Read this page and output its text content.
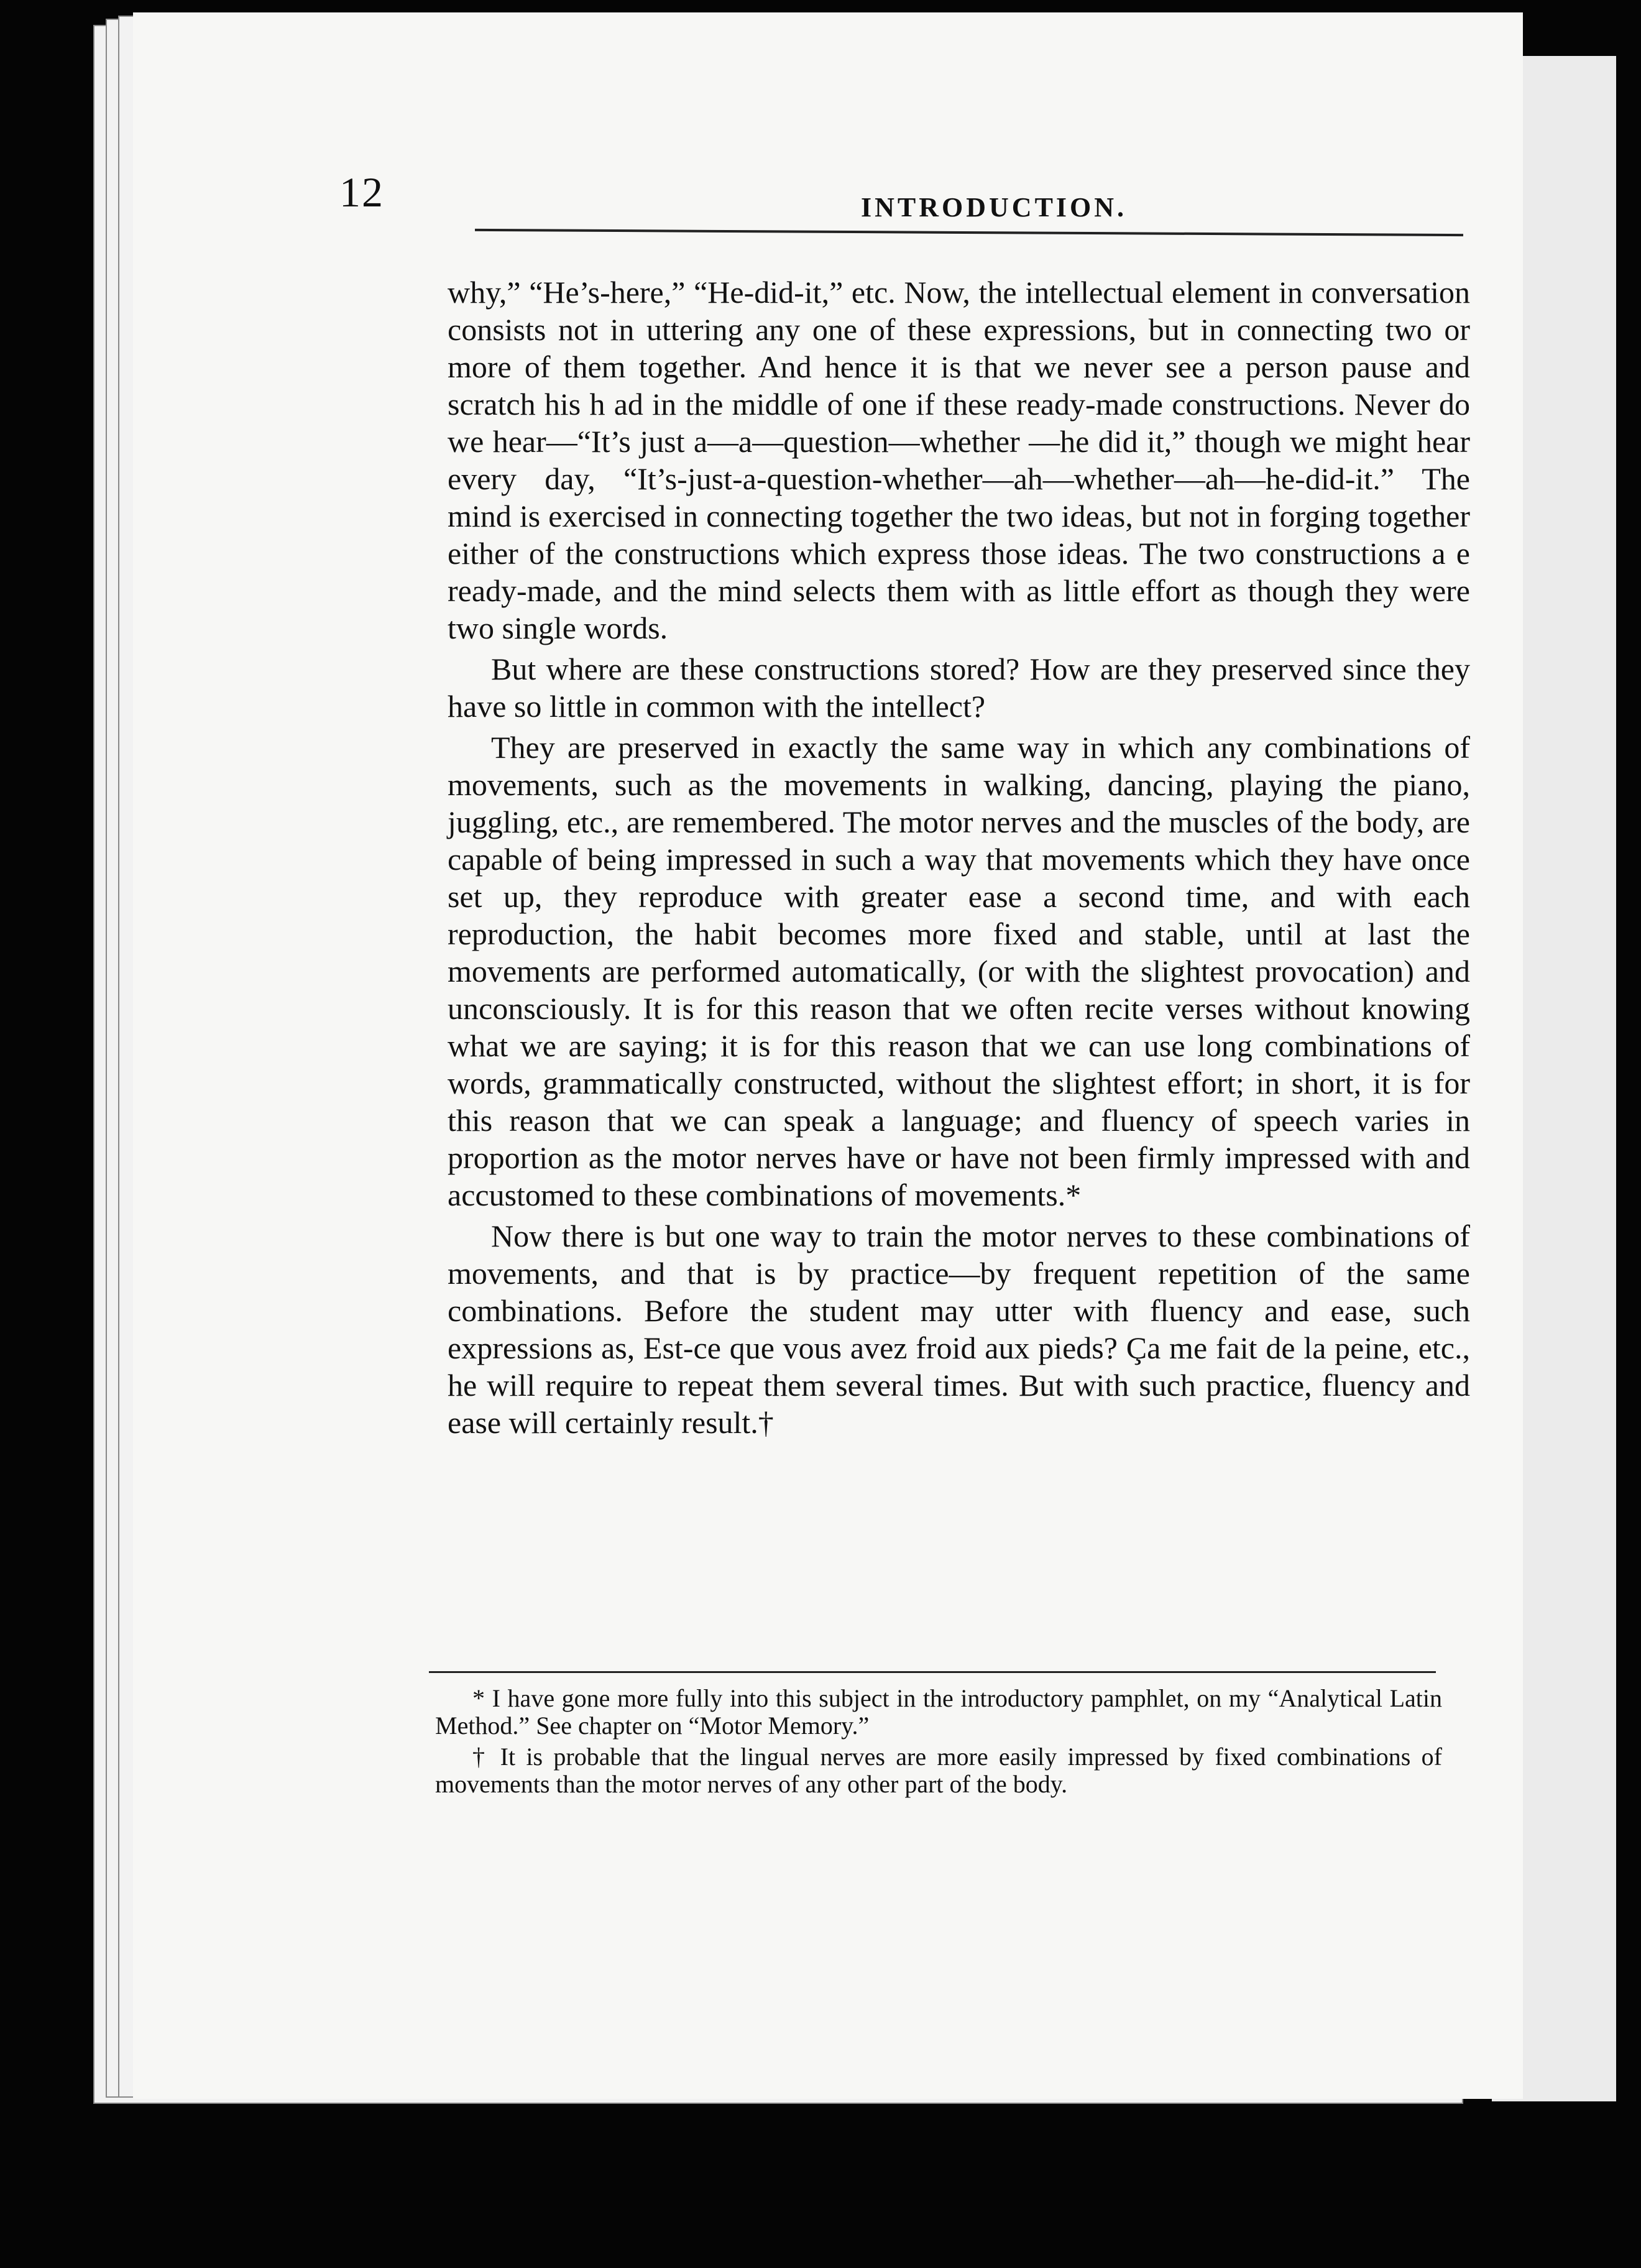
12	INTRODUCTION.

why,” “He’s-here,” “He-did-it,” etc. Now, the intellectual element in conversation consists not in uttering any one of these expressions, but in connecting two or more of them together. And hence it is that we never see a person pause and scratch his h ad in the middle of one if these ready-made constructions. Never do we hear—“It’s just a—a—question—whether —he did it,” though we might hear every day, “It’s-just-a-question-whether—ah—whether—ah—he-did-it.” The mind is exercised in connecting together the two ideas, but not in forging together either of the constructions which express those ideas. The two constructions a e ready-made, and the mind selects them with as little effort as though they were two single words.

But where are these constructions stored? How are they preserved since they have so little in common with the intellect?

They are preserved in exactly the same way in which any combinations of movements, such as the movements in walking, dancing, playing the piano, juggling, etc., are remembered. The motor nerves and the muscles of the body, are capable of being impressed in such a way that movements which they have once set up, they reproduce with greater ease a second time, and with each reproduction, the habit becomes more fixed and stable, until at last the movements are performed automatically, (or with the slightest provocation) and unconsciously. It is for this reason that we often recite verses without knowing what we are saying; it is for this reason that we can use long combinations of words, grammatically constructed, without the slightest effort; in short, it is for this reason that we can speak a language; and fluency of speech varies in proportion as the motor nerves have or have not been firmly impressed with and accustomed to these combinations of movements.*

Now there is but one way to train the motor nerves to these combinations of movements, and that is by practice—by frequent repetition of the same combinations. Before the student may utter with fluency and ease, such expressions as, Est-ce que vous avez froid aux pieds? Ça me fait de la peine, etc., he will require to repeat them several times. But with such practice, fluency and ease will certainly result.†

* I have gone more fully into this subject in the introductory pamphlet, on my “Analytical Latin Method.” See chapter on “Motor Memory.”

† It is probable that the lingual nerves are more easily impressed by fixed combinations of movements than the motor nerves of any other part of the body.
